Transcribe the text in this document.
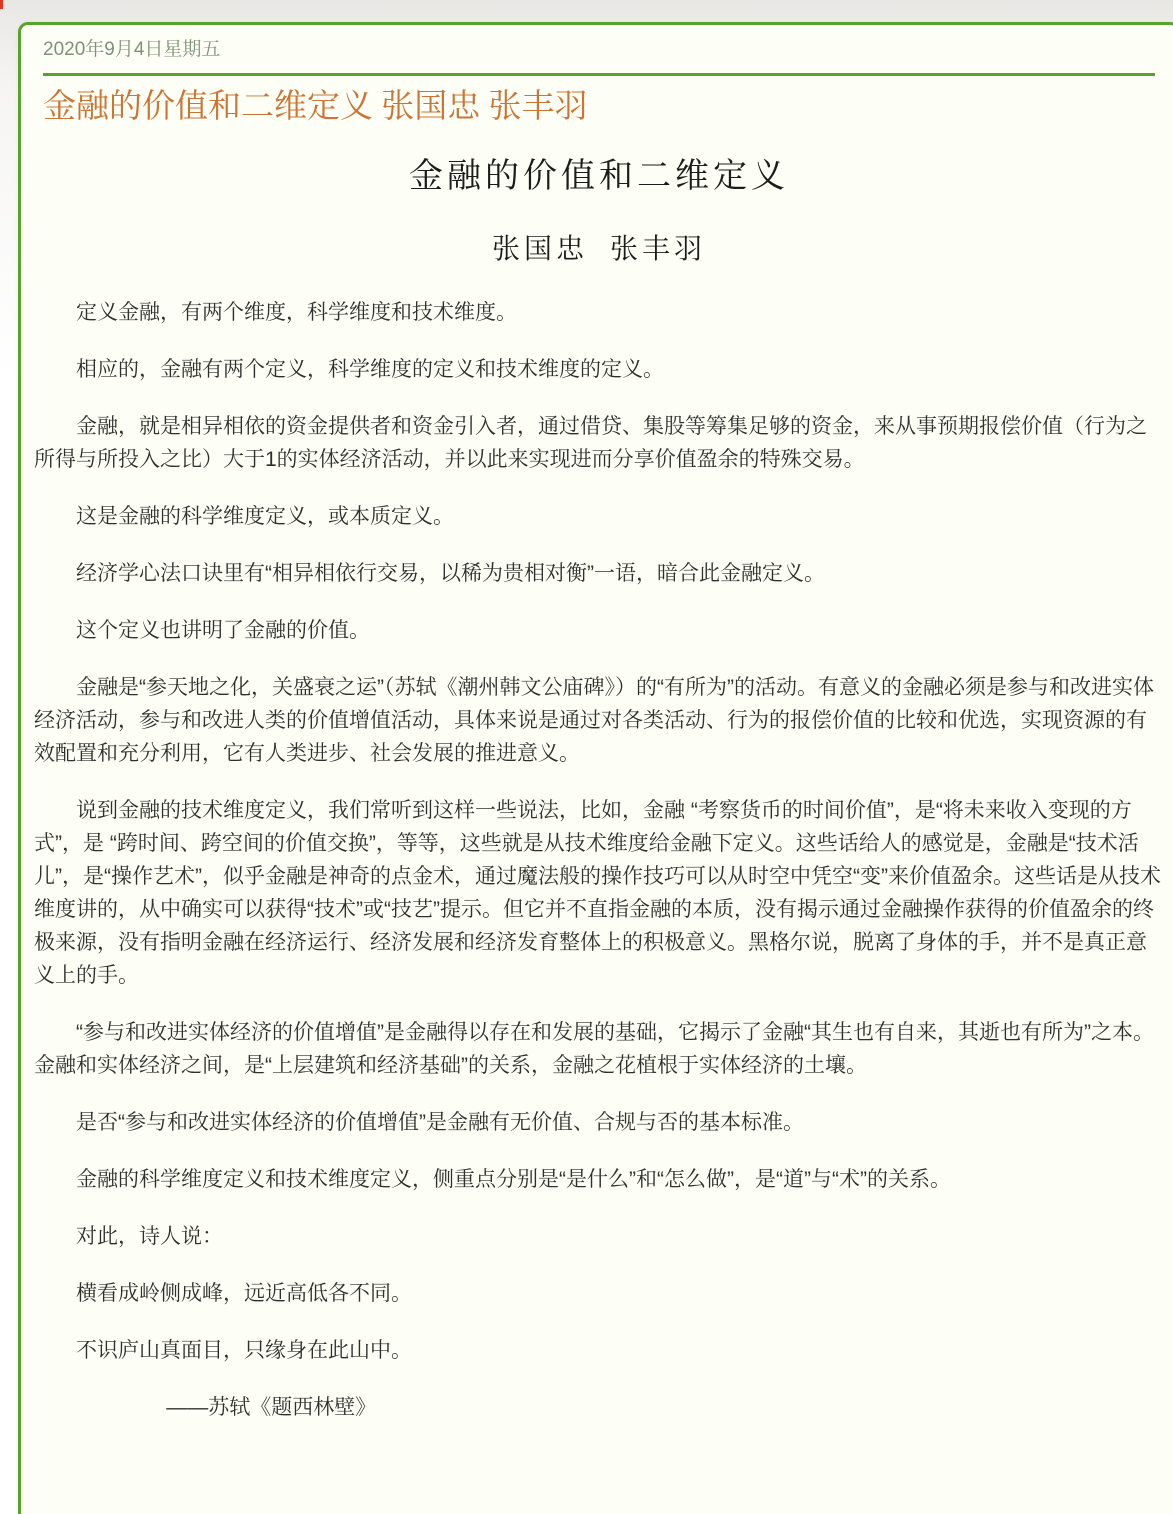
2020年9月4日星期五
金融的价值和二维定义 张国忠 张丰羽
金融的价值和二维定义
张国忠  张丰羽

定义金融，有两个维度，科学维度和技术维度。

相应的，金融有两个定义，科学维度的定义和技术维度的定义。

金融，就是相异相依的资金提供者和资金引入者，通过借贷、集股等筹集足够的资金，来从事预期报偿价值（行为之所得与所投入之比）大于1的实体经济活动，并以此来实现进而分享价值盈余的特殊交易。

这是金融的科学维度定义，或本质定义。

经济学心法口诀里有“相异相依行交易，以稀为贵相对衡”一语，暗合此金融定义。

这个定义也讲明了金融的价值。

金融是“参天地之化，关盛衰之运”（苏轼《潮州韩文公庙碑》）的“有所为”的活动。有意义的金融必须是参与和改进实体经济活动，参与和改进人类的价值增值活动，具体来说是通过对各类活动、行为的报偿价值的比较和优选，实现资源的有效配置和充分利用，它有人类进步、社会发展的推进意义。

说到金融的技术维度定义，我们常听到这样一些说法，比如，金融 “考察货币的时间价值”，是“将未来收入变现的方式”，是 “跨时间、跨空间的价值交换”，等等，这些就是从技术维度给金融下定义。这些话给人的感觉是，金融是“技术活儿”，是“操作艺术”，似乎金融是神奇的点金术，通过魔法般的操作技巧可以从时空中凭空“变”来价值盈余。这些话是从技术维度讲的，从中确实可以获得“技术”或“技艺”提示。但它并不直指金融的本质，没有揭示通过金融操作获得的价值盈余的终极来源，没有指明金融在经济运行、经济发展和经济发育整体上的积极意义。黑格尔说，脱离了身体的手，并不是真正意义上的手。

“参与和改进实体经济的价值增值”是金融得以存在和发展的基础，它揭示了金融“其生也有自来，其逝也有所为”之本。金融和实体经济之间，是“上层建筑和经济基础”的关系，金融之花植根于实体经济的土壤。

是否“参与和改进实体经济的价值增值”是金融有无价值、合规与否的基本标准。

金融的科学维度定义和技术维度定义，侧重点分别是“是什么”和“怎么做”，是“道”与“术”的关系。

对此，诗人说：

横看成岭侧成峰，远近高低各不同。

不识庐山真面目，只缘身在此山中。

——苏轼《题西林壁》
